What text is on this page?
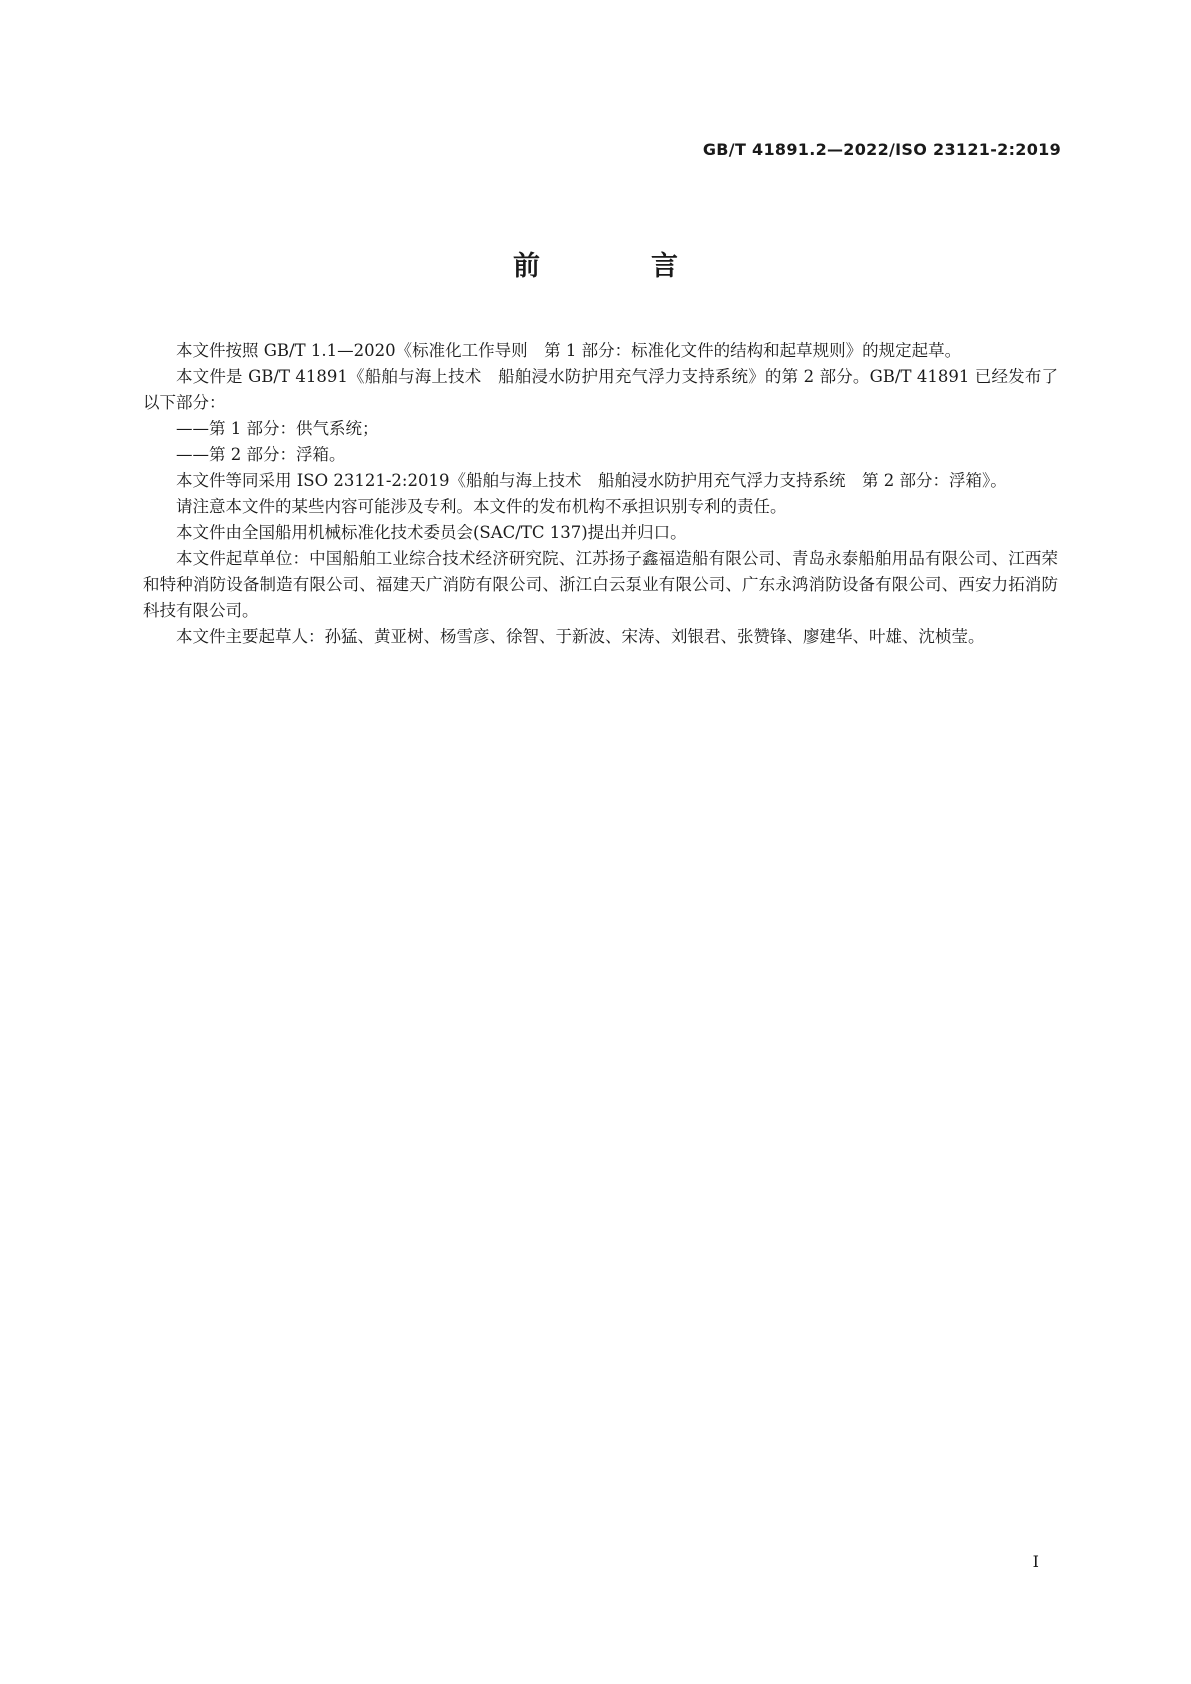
GB/T 41891.2—2022/ISO 23121-2:2019
前　言

本文件按照 GB/T 1.1—2020《标准化工作导则　第 1 部分：标准化文件的结构和起草规则》的规定起草。

本文件是 GB/T 41891《船舶与海上技术　船舶浸水防护用充气浮力支持系统》的第 2 部分。GB/T 41891 已经发布了以下部分：

——第 1 部分：供气系统；

——第 2 部分：浮箱。

本文件等同采用 ISO 23121-2:2019《船舶与海上技术　船舶浸水防护用充气浮力支持系统　第 2 部分：浮箱》。

请注意本文件的某些内容可能涉及专利。本文件的发布机构不承担识别专利的责任。

本文件由全国船用机械标准化技术委员会(SAC/TC 137)提出并归口。

本文件起草单位：中国船舶工业综合技术经济研究院、江苏扬子鑫福造船有限公司、青岛永泰船舶用品有限公司、江西荣和特种消防设备制造有限公司、福建天广消防有限公司、浙江白云泵业有限公司、广东永鸿消防设备有限公司、西安力拓消防科技有限公司。

本文件主要起草人：孙猛、黄亚树、杨雪彦、徐智、于新波、宋涛、刘银君、张赞锋、廖建华、叶雄、沈桢莹。

I
